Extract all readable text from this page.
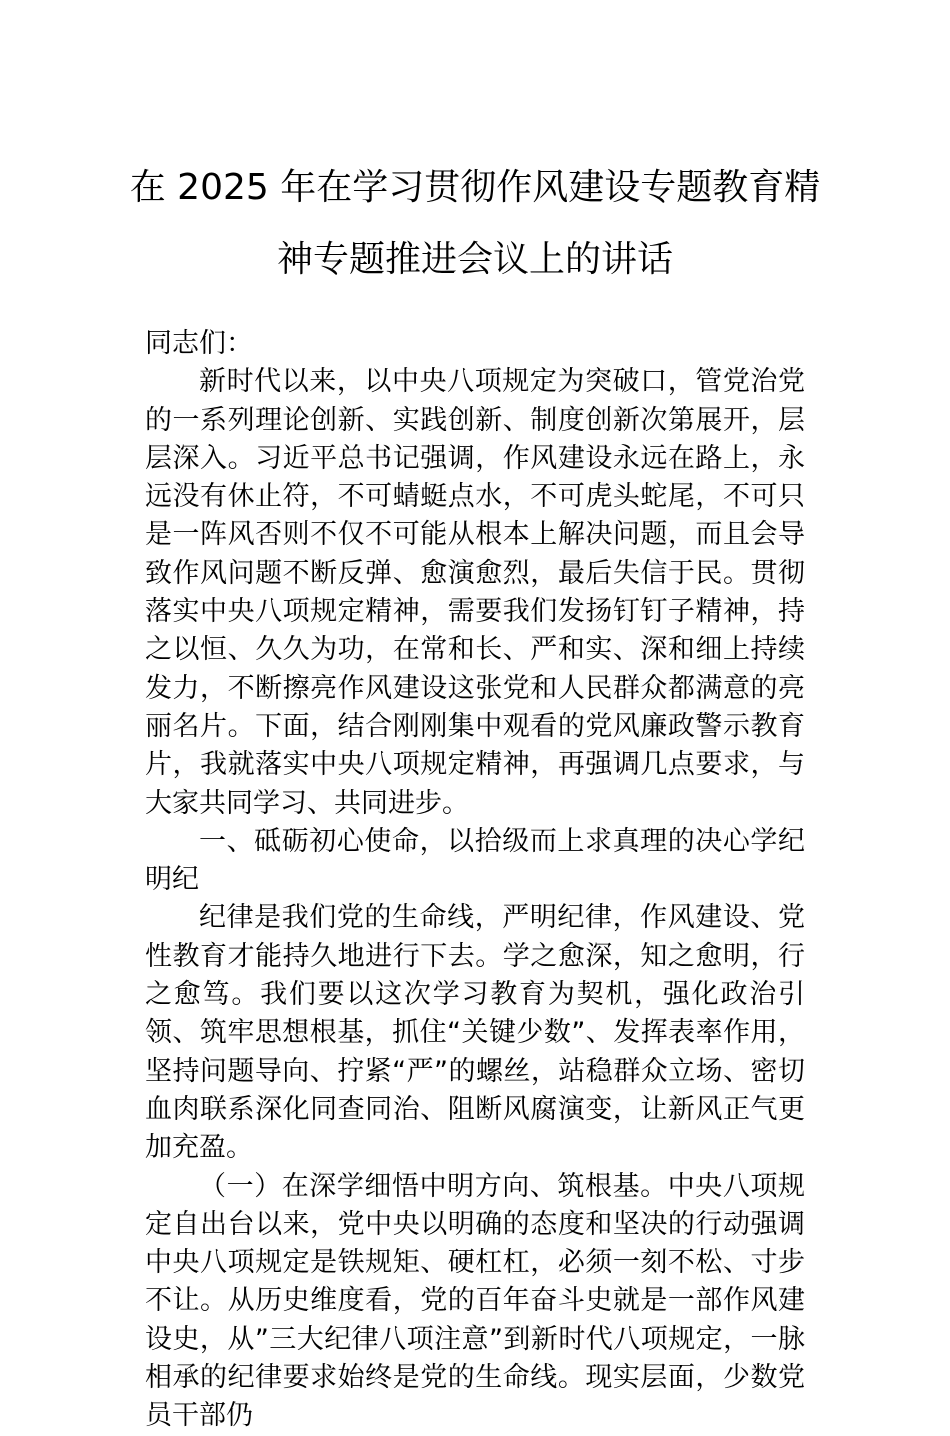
在 2025 年在学习贯彻作风建设专题教育精
神专题推进会议上的讲话

同志们：

新时代以来，以中央八项规定为突破口，管党治党的一系列理论创新、实践创新、制度创新次第展开，层层深入。习近平总书记强调，作风建设永远在路上，永远没有休止符，不可蜻蜓点水，不可虎头蛇尾，不可只是一阵风否则不仅不可能从根本上解决问题，而且会导致作风问题不断反弹、愈演愈烈，最后失信于民。贯彻落实中央八项规定精神，需要我们发扬钉钉子精神，持之以恒、久久为功，在常和长、严和实、深和细上持续发力，不断擦亮作风建设这张党和人民群众都满意的亮丽名片。下面，结合刚刚集中观看的党风廉政警示教育片，我就落实中央八项规定精神，再强调几点要求，与大家共同学习、共同进步。

一、砥砺初心使命，以拾级而上求真理的决心学纪明纪

纪律是我们党的生命线，严明纪律，作风建设、党性教育才能持久地进行下去。学之愈深，知之愈明，行之愈笃。我们要以这次学习教育为契机，强化政治引领、筑牢思想根基，抓住“关键少数”、发挥表率作用，坚持问题导向、拧紧“严”的螺丝，站稳群众立场、密切血肉联系深化同查同治、阻断风腐演变，让新风正气更加充盈。

（一）在深学细悟中明方向、筑根基。中央八项规定自出台以来，党中央以明确的态度和坚决的行动强调中央八项规定是铁规矩、硬杠杠，必须一刻不松、寸步不让。从历史维度看，党的百年奋斗史就是一部作风建设史，从”三大纪律八项注意”到新时代八项规定，一脉相承的纪律要求始终是党的生命线。现实层面，少数党员干部仍
